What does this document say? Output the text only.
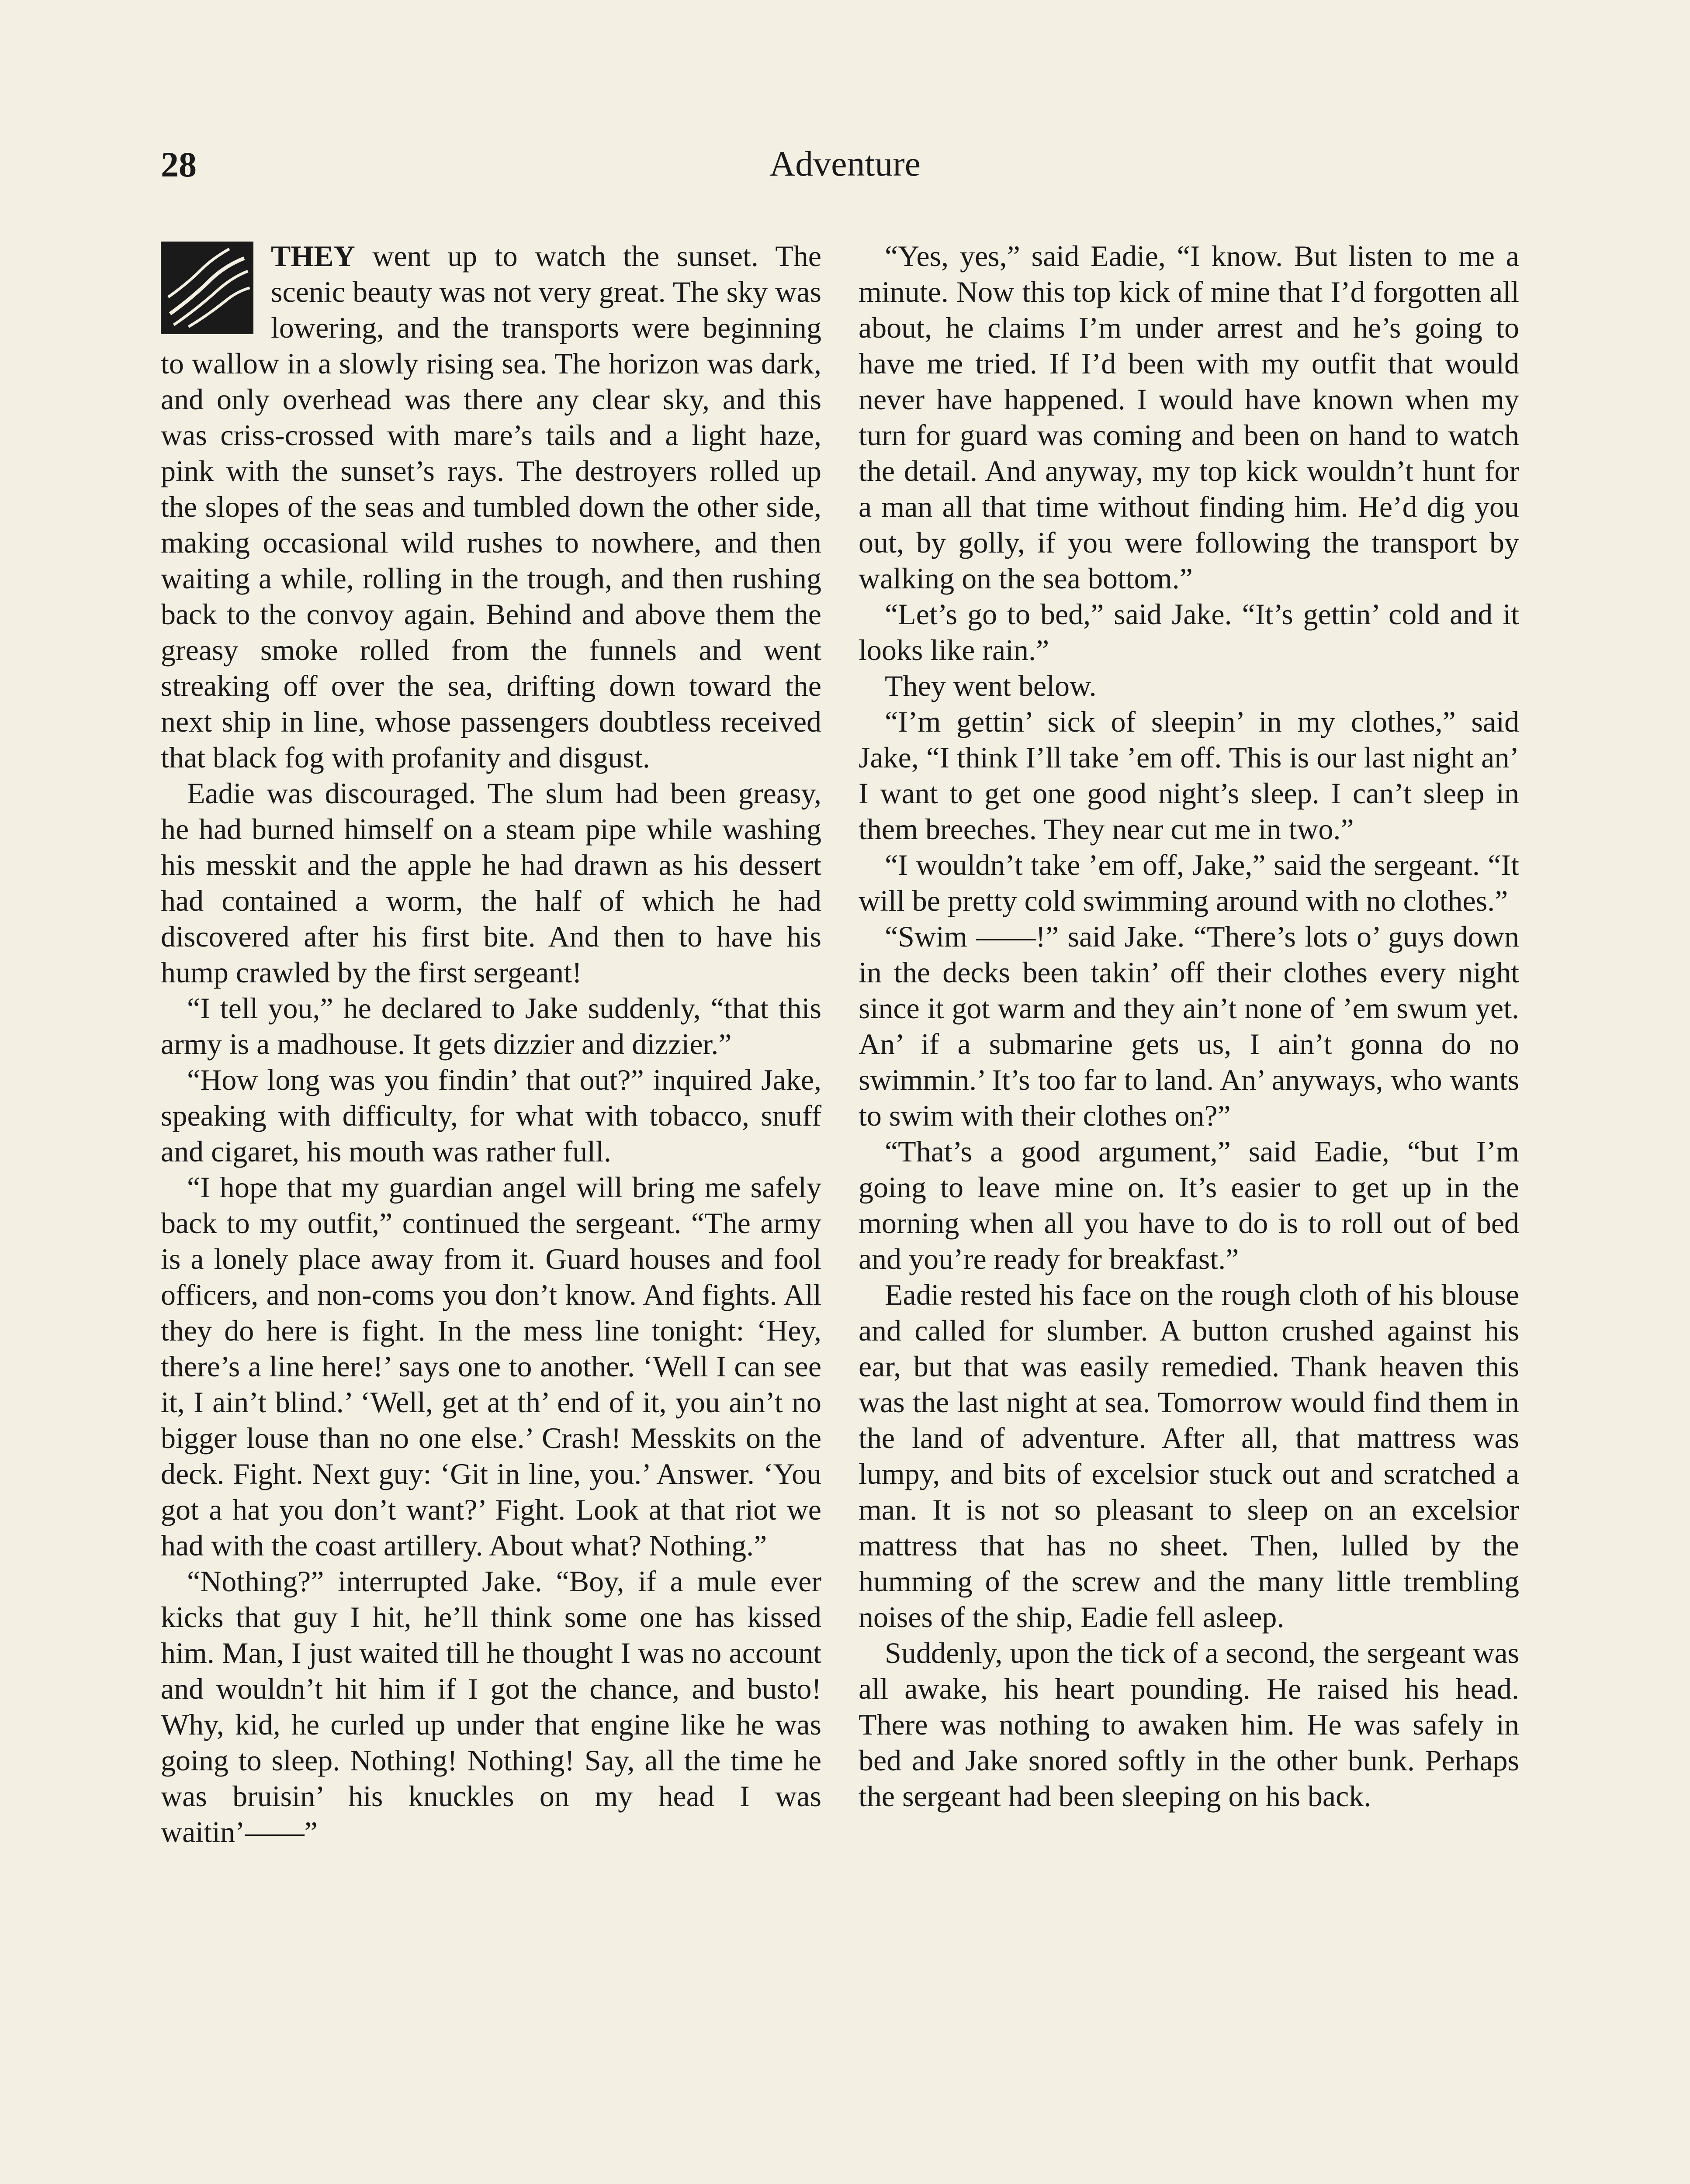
28	Adventure

THEY went up to watch the sunset. The scenic beauty was not very great. The sky was lowering, and the transports were beginning to wallow in a slowly rising sea. The horizon was dark, and only overhead was there any clear sky, and this was criss-crossed with mare’s tails and a light haze, pink with the sunset’s rays. The destroyers rolled up the slopes of the seas and tumbled down the other side, making occasional wild rushes to nowhere, and then waiting a while, rolling in the trough, and then rushing back to the convoy again. Behind and above them the greasy smoke rolled from the funnels and went streaking off over the sea, drifting down toward the next ship in line, whose passengers doubtless received that black fog with profanity and disgust.

Eadie was discouraged. The slum had been greasy, he had burned himself on a steam pipe while washing his messkit and the apple he had drawn as his dessert had contained a worm, the half of which he had discovered after his first bite. And then to have his hump crawled by the first sergeant!

“I tell you,” he declared to Jake suddenly, “that this army is a madhouse. It gets dizzier and dizzier.”

“How long was you findin’ that out?” inquired Jake, speaking with difficulty, for what with tobacco, snuff and cigaret, his mouth was rather full.

“I hope that my guardian angel will bring me safely back to my outfit,” continued the sergeant. “The army is a lonely place away from it. Guard houses and fool officers, and non-coms you don’t know. And fights. All they do here is fight. In the mess line tonight: ‘Hey, there’s a line here!’ says one to another. ‘Well I can see it, I ain’t blind.’ ‘Well, get at th’ end of it, you ain’t no bigger louse than no one else.’ Crash! Messkits on the deck. Fight. Next guy: ‘Git in line, you.’ Answer. ‘You got a hat you don’t want?’ Fight. Look at that riot we had with the coast artillery. About what? Nothing.”

“Nothing?” interrupted Jake. “Boy, if a mule ever kicks that guy I hit, he’ll think some one has kissed him. Man, I just waited till he thought I was no account and wouldn’t hit him if I got the chance, and busto! Why, kid, he curled up under that engine like he was going to sleep. Nothing! Nothing! Say, all the time he was bruisin’ his knuckles on my head I was waitin’——”

“Yes, yes,” said Eadie, “I know. But listen to me a minute. Now this top kick of mine that I’d forgotten all about, he claims I’m under arrest and he’s going to have me tried. If I’d been with my outfit that would never have happened. I would have known when my turn for guard was coming and been on hand to watch the detail. And anyway, my top kick wouldn’t hunt for a man all that time without finding him. He’d dig you out, by golly, if you were following the transport by walking on the sea bottom.”

“Let’s go to bed,” said Jake. “It’s gettin’ cold and it looks like rain.”

They went below.

“I’m gettin’ sick of sleepin’ in my clothes,” said Jake, “I think I’ll take ’em off. This is our last night an’ I want to get one good night’s sleep. I can’t sleep in them breeches. They near cut me in two.”

“I wouldn’t take ’em off, Jake,” said the sergeant. “It will be pretty cold swimming around with no clothes.”

“Swim ——!” said Jake. “There’s lots o’ guys down in the decks been takin’ off their clothes every night since it got warm and they ain’t none of ’em swum yet. An’ if a submarine gets us, I ain’t gonna do no swimmin.’ It’s too far to land. An’ anyways, who wants to swim with their clothes on?”

“That’s a good argument,” said Eadie, “but I’m going to leave mine on. It’s easier to get up in the morning when all you have to do is to roll out of bed and you’re ready for breakfast.”

Eadie rested his face on the rough cloth of his blouse and called for slumber. A button crushed against his ear, but that was easily remedied. Thank heaven this was the last night at sea. Tomorrow would find them in the land of adventure. After all, that mattress was lumpy, and bits of excelsior stuck out and scratched a man. It is not so pleasant to sleep on an excelsior mattress that has no sheet. Then, lulled by the humming of the screw and the many little trembling noises of the ship, Eadie fell asleep.

Suddenly, upon the tick of a second, the sergeant was all awake, his heart pounding. He raised his head. There was nothing to awaken him. He was safely in bed and Jake snored softly in the other bunk. Perhaps the sergeant had been sleeping on his back.
